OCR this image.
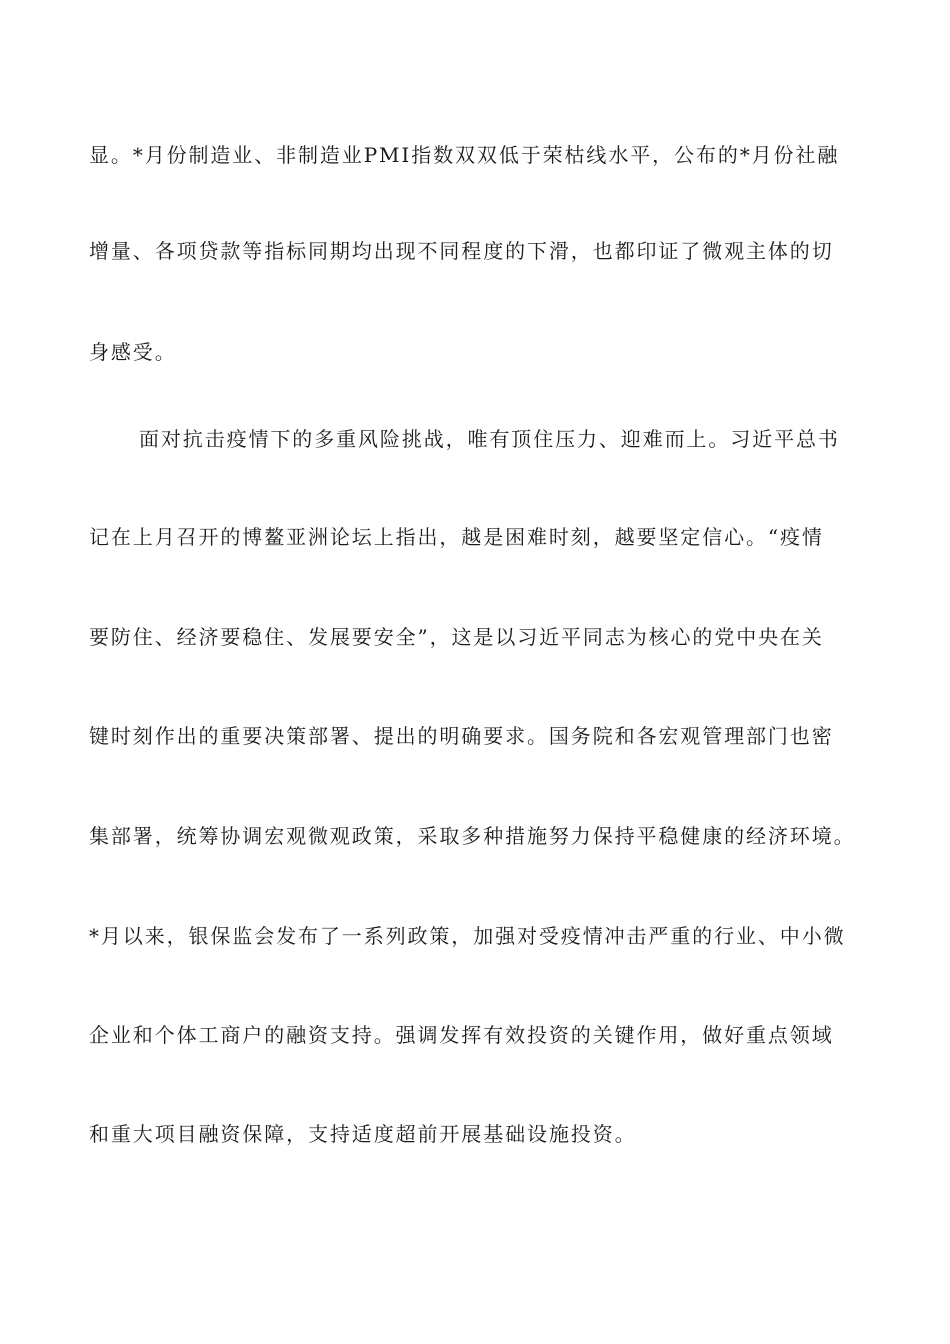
显。*月份制造业、非制造业PMI指数双双低于荣枯线水平，公布的*月份社融
增量、各项贷款等指标同期均出现不同程度的下滑，也都印证了微观主体的切
身感受。
面对抗击疫情下的多重风险挑战，唯有顶住压力、迎难而上。习近平总书
记在上月召开的博鳌亚洲论坛上指出，越是困难时刻，越要坚定信心。“疫情
要防住、经济要稳住、发展要安全”，这是以习近平同志为核心的党中央在关
键时刻作出的重要决策部署、提出的明确要求。国务院和各宏观管理部门也密
集部署，统筹协调宏观微观政策，采取多种措施努力保持平稳健康的经济环境。
*月以来，银保监会发布了一系列政策，加强对受疫情冲击严重的行业、中小微
企业和个体工商户的融资支持。强调发挥有效投资的关键作用，做好重点领域
和重大项目融资保障，支持适度超前开展基础设施投资。
